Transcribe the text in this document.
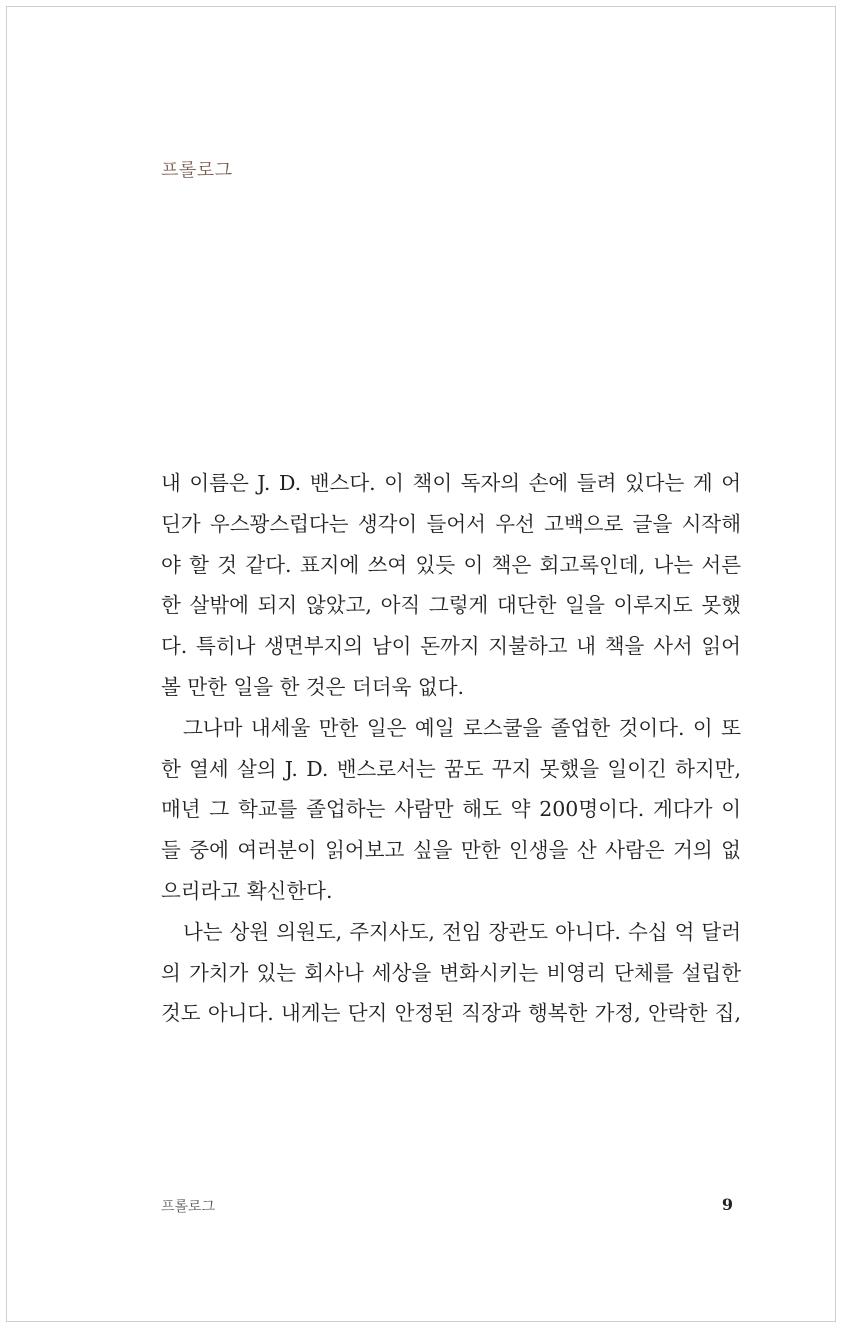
프롤로그
내 이름은 J. D. 밴스다. 이 책이 독자의 손에 들려 있다는 게 어
딘가 우스꽝스럽다는 생각이 들어서 우선 고백으로 글을 시작해
야 할 것 같다. 표지에 쓰여 있듯 이 책은 회고록인데, 나는 서른
한 살밖에 되지 않았고, 아직 그렇게 대단한 일을 이루지도 못했
다. 특히나 생면부지의 남이 돈까지 지불하고 내 책을 사서 읽어
볼 만한 일을 한 것은 더더욱 없다.
그나마 내세울 만한 일은 예일 로스쿨을 졸업한 것이다. 이 또
한 열세 살의 J. D. 밴스로서는 꿈도 꾸지 못했을 일이긴 하지만,
매년 그 학교를 졸업하는 사람만 해도 약 200명이다. 게다가 이
들 중에 여러분이 읽어보고 싶을 만한 인생을 산 사람은 거의 없
으리라고 확신한다.
나는 상원 의원도, 주지사도, 전임 장관도 아니다. 수십 억 달러
의 가치가 있는 회사나 세상을 변화시키는 비영리 단체를 설립한
것도 아니다. 내게는 단지 안정된 직장과 행복한 가정, 안락한 집,
프롤로그	9
